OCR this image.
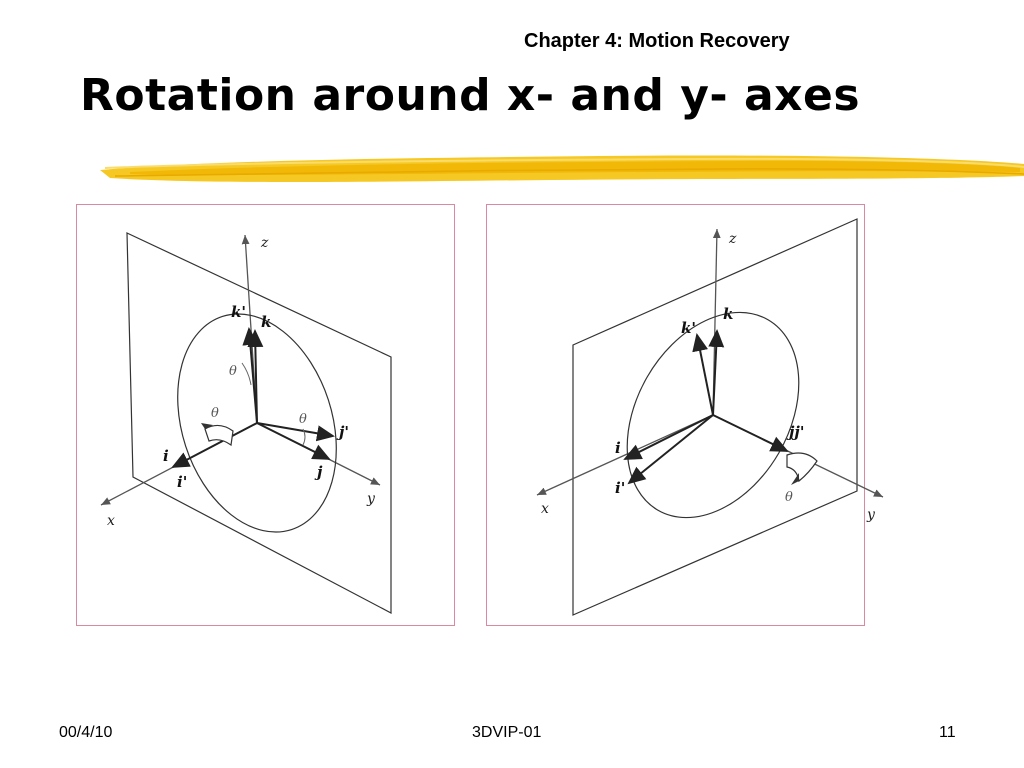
Chapter 4: Motion Recovery
Rotation around x- and y- axes
z
y
x
k'
k
j'
j
i
i'
θ
θ
θ
z
y
x
k'
k
jj'
i
i'
θ
00/4/10	3DVIP-01	11
